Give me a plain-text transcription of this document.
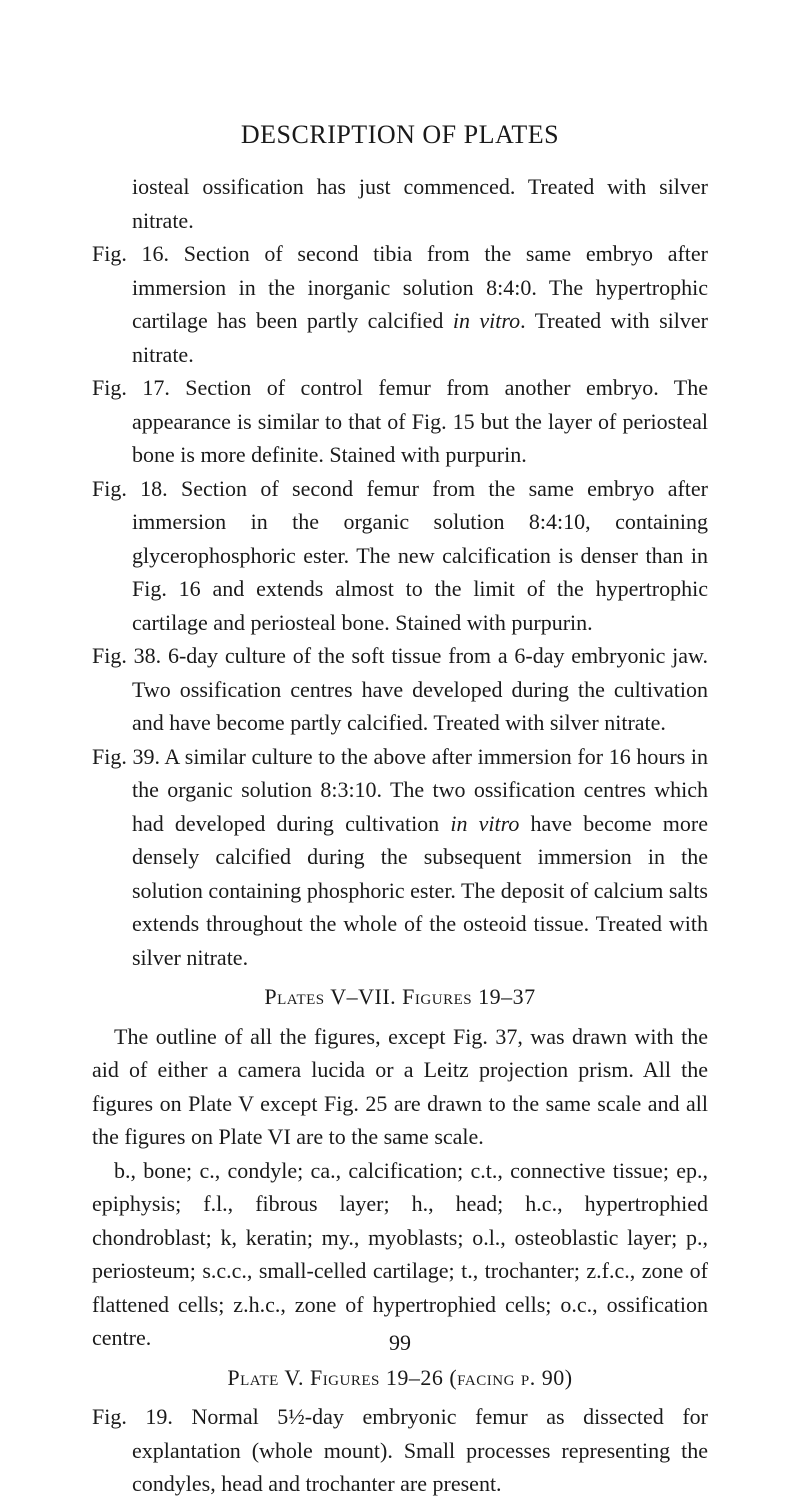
DESCRIPTION OF PLATES

iosteal ossification has just commenced. Treated with silver nitrate.

Fig. 16. Section of second tibia from the same embryo after immersion in the inorganic solution 8:4:0. The hypertrophic cartilage has been partly calcified in vitro. Treated with silver nitrate.

Fig. 17. Section of control femur from another embryo. The appearance is similar to that of Fig. 15 but the layer of periosteal bone is more definite. Stained with purpurin.

Fig. 18. Section of second femur from the same embryo after immersion in the organic solution 8:4:10, containing glycerophosphoric ester. The new calcification is denser than in Fig. 16 and extends almost to the limit of the hypertrophic cartilage and periosteal bone. Stained with purpurin.

Fig. 38. 6-day culture of the soft tissue from a 6-day embryonic jaw. Two ossification centres have developed during the cultivation and have become partly calcified. Treated with silver nitrate.

Fig. 39. A similar culture to the above after immersion for 16 hours in the organic solution 8:3:10. The two ossification centres which had developed during cultivation in vitro have become more densely calcified during the subsequent immersion in the solution containing phosphoric ester. The deposit of calcium salts extends throughout the whole of the osteoid tissue. Treated with silver nitrate.

Plates V–VII. Figures 19–37

The outline of all the figures, except Fig. 37, was drawn with the aid of either a camera lucida or a Leitz projection prism. All the figures on Plate V except Fig. 25 are drawn to the same scale and all the figures on Plate VI are to the same scale.

b., bone; c., condyle; ca., calcification; c.t., connective tissue; ep., epiphysis; f.l., fibrous layer; h., head; h.c., hypertrophied chondroblast; k, keratin; my., myoblasts; o.l., osteoblastic layer; p., periosteum; s.c.c., small-celled cartilage; t., trochanter; z.f.c., zone of flattened cells; z.h.c., zone of hypertrophied cells; o.c., ossification centre.

Plate V. Figures 19–26 (facing p. 90)

Fig. 19. Normal 5½-day embryonic femur as dissected for explantation (whole mount). Small processes representing the condyles, head and trochanter are present.

99
